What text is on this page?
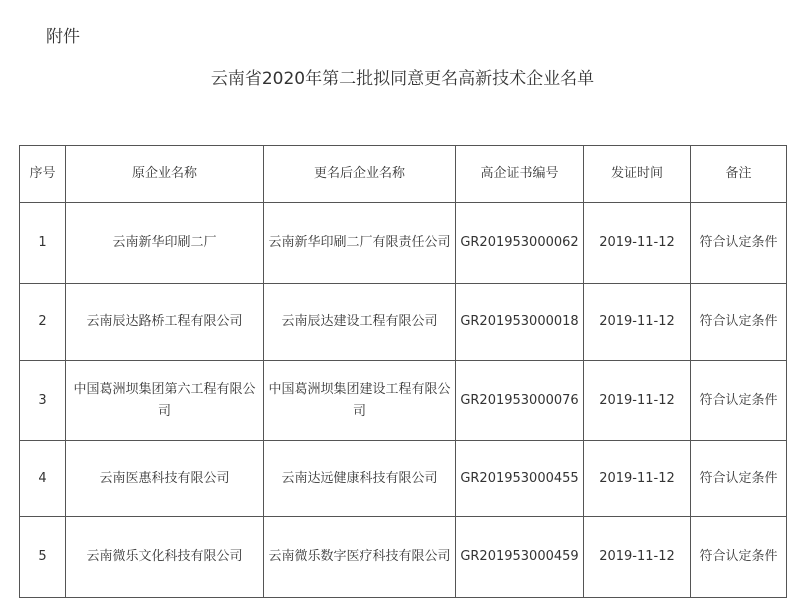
附件
云南省2020年第二批拟同意更名高新技术企业名单
序号	原企业名称	更名后企业名称	高企证书编号	发证时间	备注
1	云南新华印刷二厂	云南新华印刷二厂有限责任公司	GR201953000062	2019-11-12	符合认定条件
2	云南辰达路桥工程有限公司	云南辰达建设工程有限公司	GR201953000018	2019-11-12	符合认定条件
3	中国葛洲坝集团第六工程有限公司	中国葛洲坝集团建设工程有限公司	GR201953000076	2019-11-12	符合认定条件
4	云南医惠科技有限公司	云南达远健康科技有限公司	GR201953000455	2019-11-12	符合认定条件
5	云南微乐文化科技有限公司	云南微乐数字医疗科技有限公司	GR201953000459	2019-11-12	符合认定条件
